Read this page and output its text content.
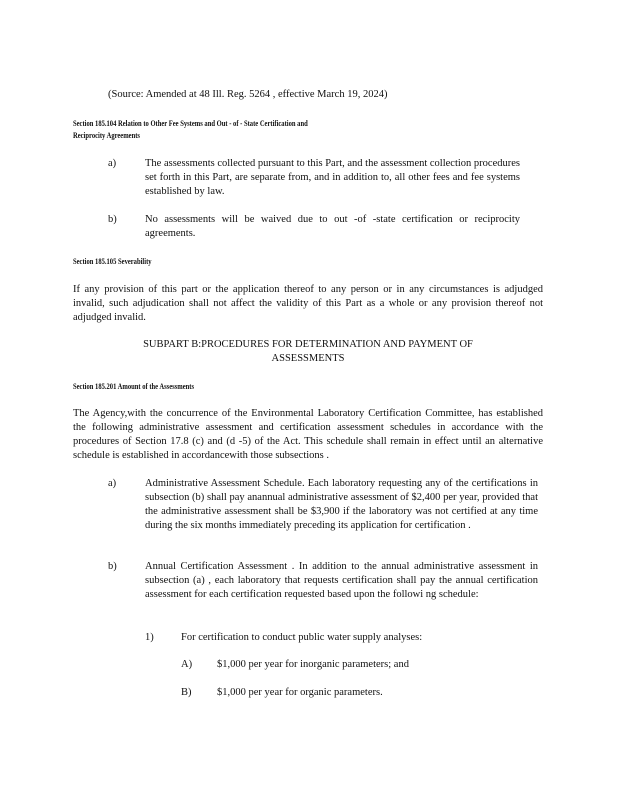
(Source: Amended at 48 Ill. Reg. 5264 , effective March 19, 2024)

Section 185.104 Relation to Other Fee Systems and Out - of - State Certification and

Reciprocity Agreements

a)	The assessments collected pursuant to this Part, and the assessment collection procedures set forth in this Part, are separate from, and in addition to, all other fees and fee systems established by law.

b)	No assessments will be waived due to out -of -state certification or reciprocity agreements.

Section 185.105 Severability

If any provision of this part or the application thereof to any person or in any circumstances is adjudged invalid, such adjudication shall not affect the validity of this Part as a whole or any provision thereof not adjudged invalid.

SUBPART B:PROCEDURES FOR DETERMINATION AND PAYMENT OF

ASSESSMENTS

Section 185.201 Amount of the Assessments

The Agency,with the concurrence of the Environmental Laboratory Certification Committee, has established the following administrative assessment and certification assessment schedules in accordance with the procedures of Section 17.8 (c) and (d -5) of the Act. This schedule shall remain in effect until an alternative schedule is established in accordancewith those subsections .

a)	Administrative Assessment Schedule. Each laboratory requesting any of the certifications in subsection (b) shall pay anannual administrative assessment of $2,400 per year, provided that the administrative assessment shall be $3,900 if the laboratory was not certified at any time during the six months immediately preceding its application for certification .

b)	Annual Certification Assessment . In addition to the annual administrative assessment in subsection (a) , each laboratory that requests certification shall pay the annual certification assessment for each certification requested based upon the followi ng schedule:

1)	For certification to conduct public water supply analyses:

A) $1,000 per year for inorganic parameters; and

B) $1,000 per year for organic parameters.
